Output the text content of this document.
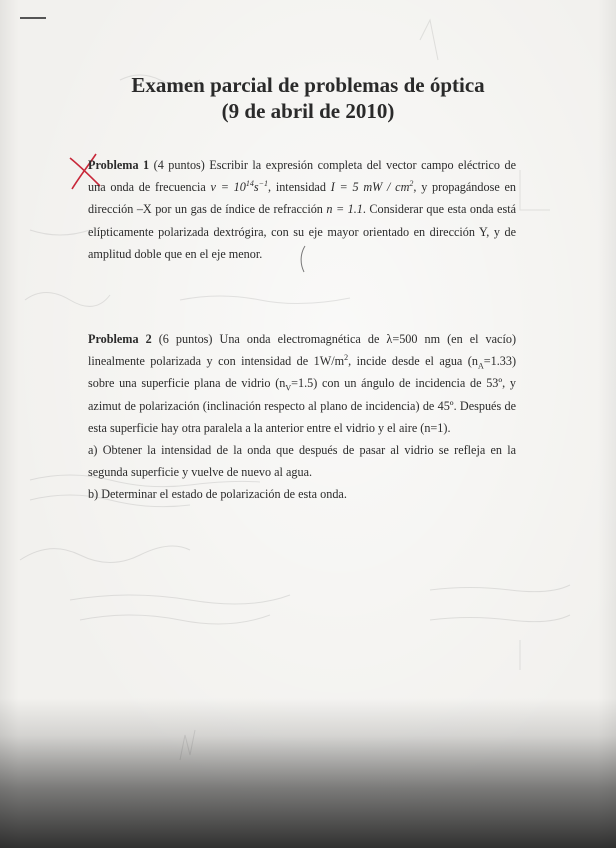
Examen parcial de problemas de óptica
(9 de abril de 2010)

Problema 1 (4 puntos) Escribir la expresión completa del vector campo eléctrico de una onda de frecuencia $\nu = 10^{14}s^{-1}$, intensidad I = 5 mW / $cm^2$, y propagándose en dirección –X por un gas de índice de refracción n = 1.1. Considerar que esta onda está elípticamente polarizada dextrógira, con su eje mayor orientado en dirección Y, y de amplitud doble que en el eje menor.

Problema 2 (6 puntos) Una onda electromagnética de λ=500 nm (en el vacío) linealmente polarizada y con intensidad de $1W/m^2$, incide desde el agua $(n_A=1.33)$ sobre una superficie plana de vidrio $(n_V=1.5)$ con un ángulo de incidencia de 53º, y azimut de polarización (inclinación respecto al plano de incidencia) de 45º. Después de esta superficie hay otra paralela a la anterior entre el vidrio y el aire (n=1).

a) Obtener la intensidad de la onda que después de pasar al vidrio se refleja en la segunda superficie y vuelve de nuevo al agua.

b) Determinar el estado de polarización de esta onda.
